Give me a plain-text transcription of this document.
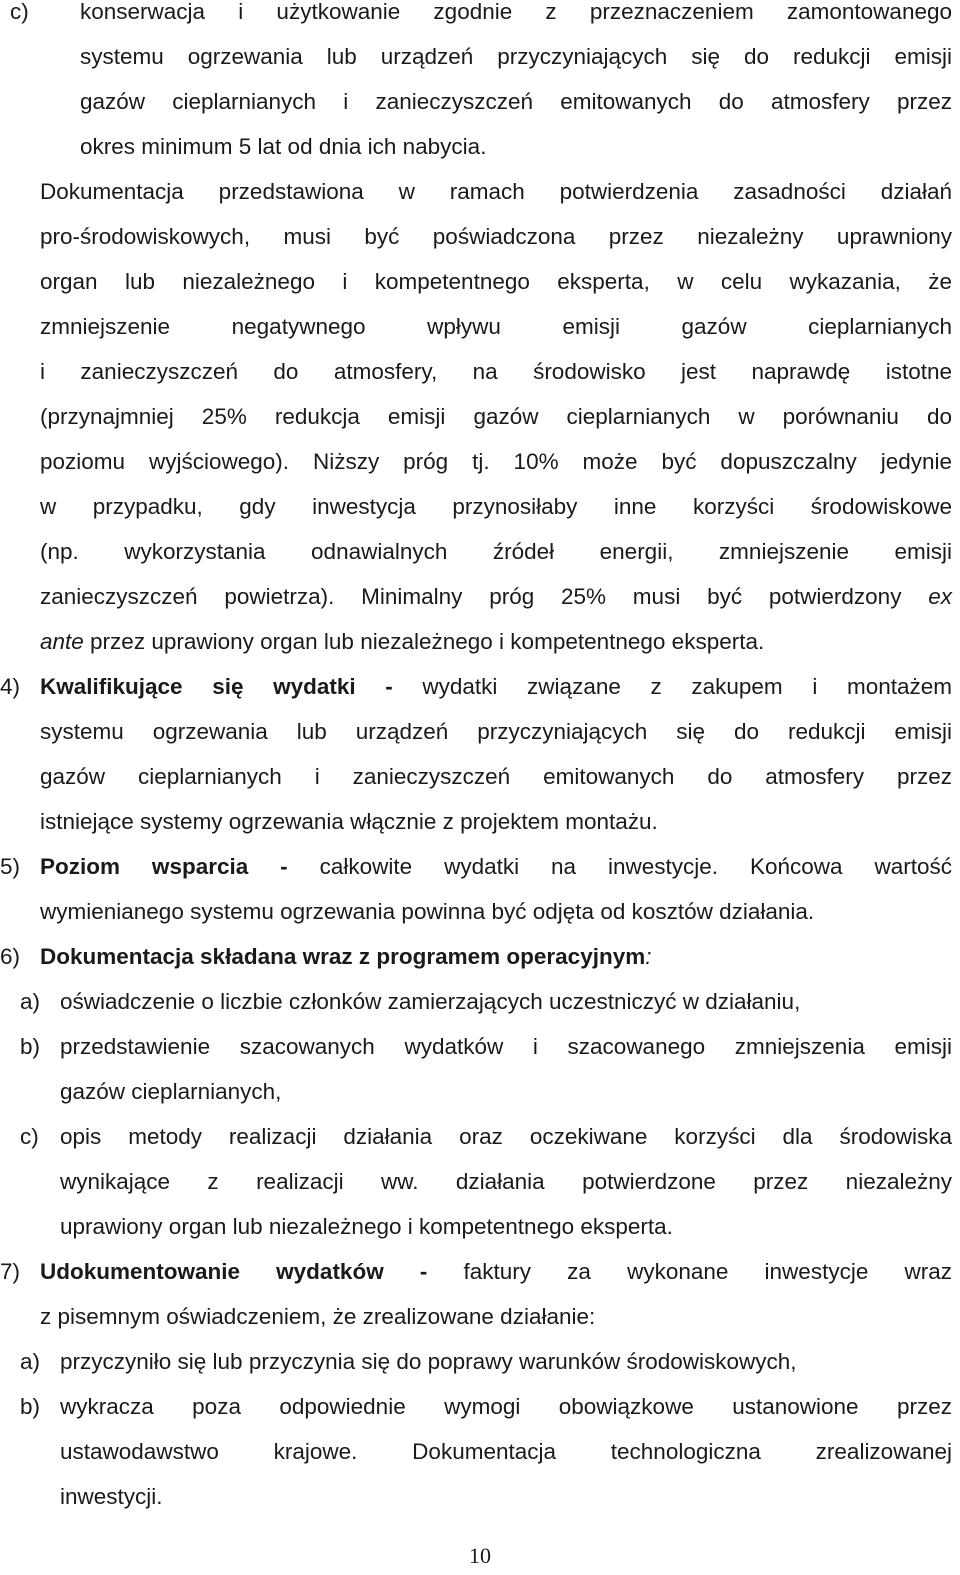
c) konserwacja i użytkowanie zgodnie z przeznaczeniem zamontowanego
systemu ogrzewania lub urządzeń przyczyniających się do redukcji emisji
gazów cieplarnianych i zanieczyszczeń emitowanych do atmosfery przez
okres minimum 5 lat od dnia ich nabycia.
Dokumentacja przedstawiona w ramach potwierdzenia zasadności działań
pro-środowiskowych, musi być poświadczona przez niezależny uprawniony
organ lub niezależnego i kompetentnego eksperta, w celu wykazania, że
zmniejszenie negatywnego wpływu emisji gazów cieplarnianych
i zanieczyszczeń do atmosfery, na środowisko jest naprawdę istotne
(przynajmniej 25% redukcja emisji gazów cieplarnianych w porównaniu do
poziomu wyjściowego). Niższy próg tj. 10% może być dopuszczalny jedynie
w przypadku, gdy inwestycja przynosiłaby inne korzyści środowiskowe
(np. wykorzystania odnawialnych źródeł energii, zmniejszenie emisji
zanieczyszczeń powietrza). Minimalny próg 25% musi być potwierdzony ex
ante przez uprawiony organ lub niezależnego i kompetentnego eksperta.
4) Kwalifikujące się wydatki - wydatki związane z zakupem i montażem
systemu ogrzewania lub urządzeń przyczyniających się do redukcji emisji
gazów cieplarnianych i zanieczyszczeń emitowanych do atmosfery przez
istniejące systemy ogrzewania włącznie z projektem montażu.
5) Poziom wsparcia - całkowite wydatki na inwestycje. Końcowa wartość
wymienianego systemu ogrzewania powinna być odjęta od kosztów działania.
6) Dokumentacja składana wraz z programem operacyjnym:
a) oświadczenie o liczbie członków zamierzających uczestniczyć w działaniu,
b) przedstawienie szacowanych wydatków i szacowanego zmniejszenia emisji
gazów cieplarnianych,
c) opis metody realizacji działania oraz oczekiwane korzyści dla środowiska
wynikające z realizacji ww. działania potwierdzone przez niezależny
uprawiony organ lub niezależnego i kompetentnego eksperta.
7) Udokumentowanie wydatków - faktury za wykonane inwestycje wraz
z pisemnym oświadczeniem, że zrealizowane działanie:
a) przyczyniło się lub przyczynia się do poprawy warunków środowiskowych,
b) wykracza poza odpowiednie wymogi obowiązkowe ustanowione przez
ustawodawstwo krajowe. Dokumentacja technologiczna zrealizowanej
inwestycji.
10
